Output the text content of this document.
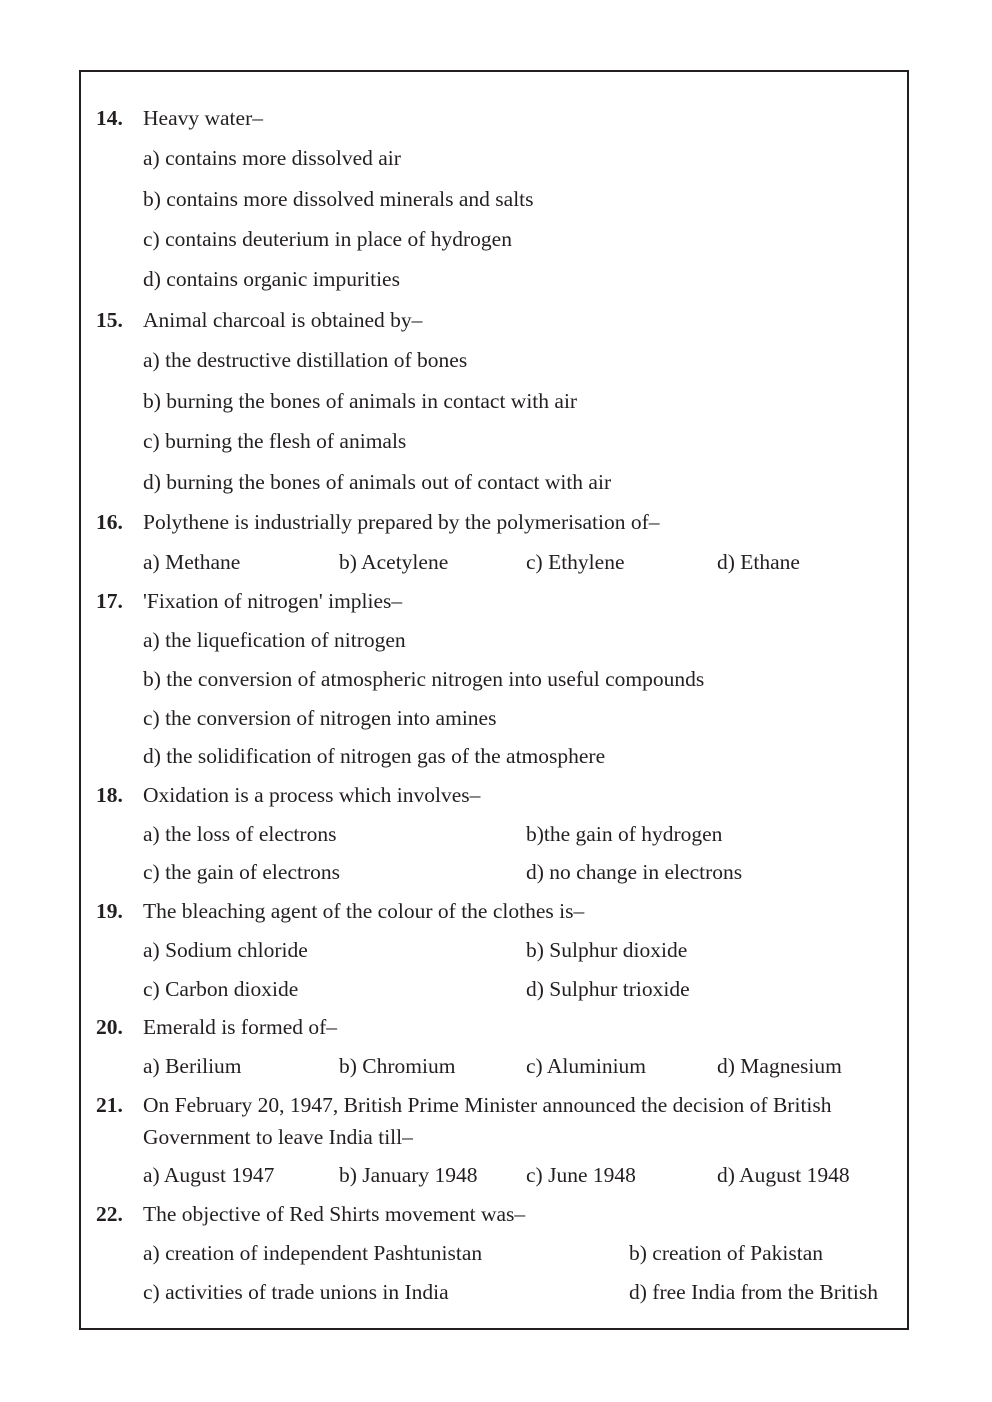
14. Heavy water–
a) contains more dissolved air
b) contains more dissolved minerals and salts
c) contains deuterium in place of hydrogen
d) contains organic impurities
15. Animal charcoal is obtained by–
a) the destructive distillation of bones
b) burning the bones of animals in contact with air
c) burning the flesh of animals
d) burning the bones of animals out of contact with air
16. Polythene is industrially prepared by the polymerisation of–
a) Methane	b) Acetylene	c) Ethylene	d) Ethane
17. 'Fixation of nitrogen' implies–
a) the liquefication of nitrogen
b) the conversion of atmospheric nitrogen into useful compounds
c) the conversion of nitrogen into amines
d) the solidification of nitrogen gas of the atmosphere
18. Oxidation is a process which involves–
a) the loss of electrons	b)the gain of hydrogen
c) the gain of electrons	d) no change in electrons
19. The bleaching agent of the colour of the clothes is–
a) Sodium chloride	b) Sulphur dioxide
c) Carbon dioxide	d) Sulphur trioxide
20. Emerald is formed of–
a) Berilium	b) Chromium	c) Aluminium	d) Magnesium
21. On February 20, 1947, British Prime Minister announced the decision of British
Government to leave India till–
a) August 1947	b) January 1948 c) June 1948	d) August 1948
22. The objective of Red Shirts movement was–
a) creation of independent Pashtunistan	b) creation of Pakistan
c) activities of trade unions in India	d) free India from the British
